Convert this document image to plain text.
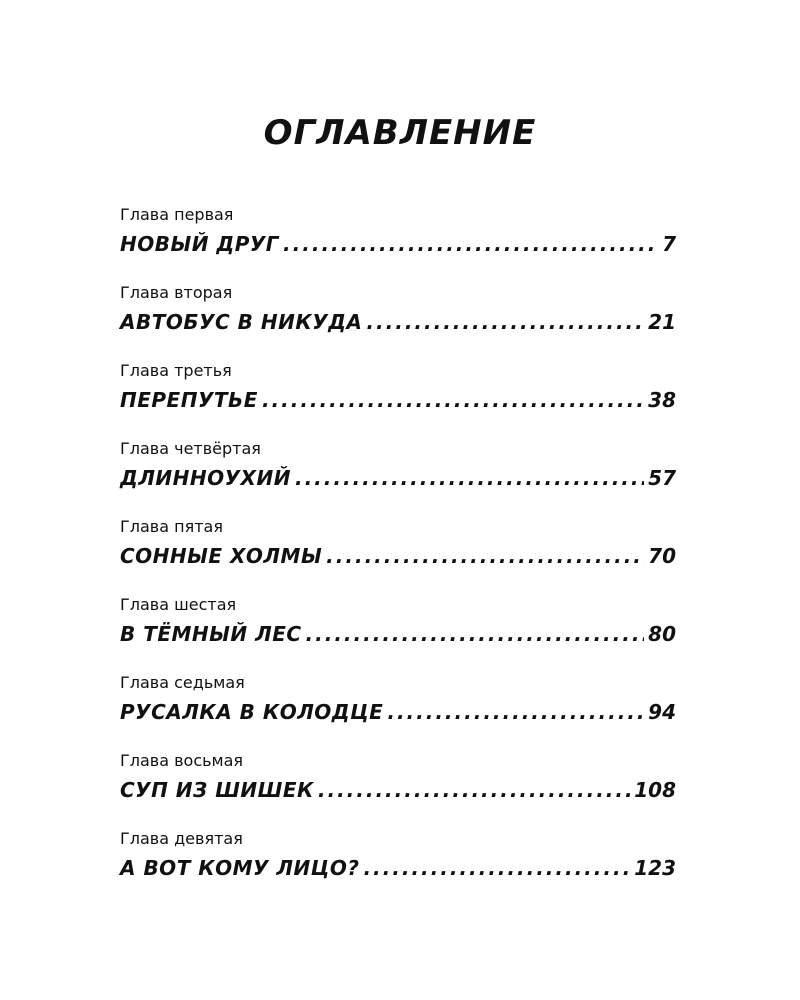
ОГЛАВЛЕНИЕ
Глава первая
НОВЫЙ ДРУГ .....	7
Глава вторая
АВТОБУС В НИКУДА .....	21
Глава третья
ПЕРЕПУТЬЕ .....	38
Глава четвёртая
ДЛИННОУХИЙ .....	57
Глава пятая
СОННЫЕ ХОЛМЫ .....	70
Глава шестая
В ТЁМНЫЙ ЛЕС .....	80
Глава седьмая
РУСАЛКА В КОЛОДЦЕ .....	94
Глава восьмая
СУП ИЗ ШИШЕК .....	108
Глава девятая
А ВОТ КОМУ ЛИЦО? .....	123
